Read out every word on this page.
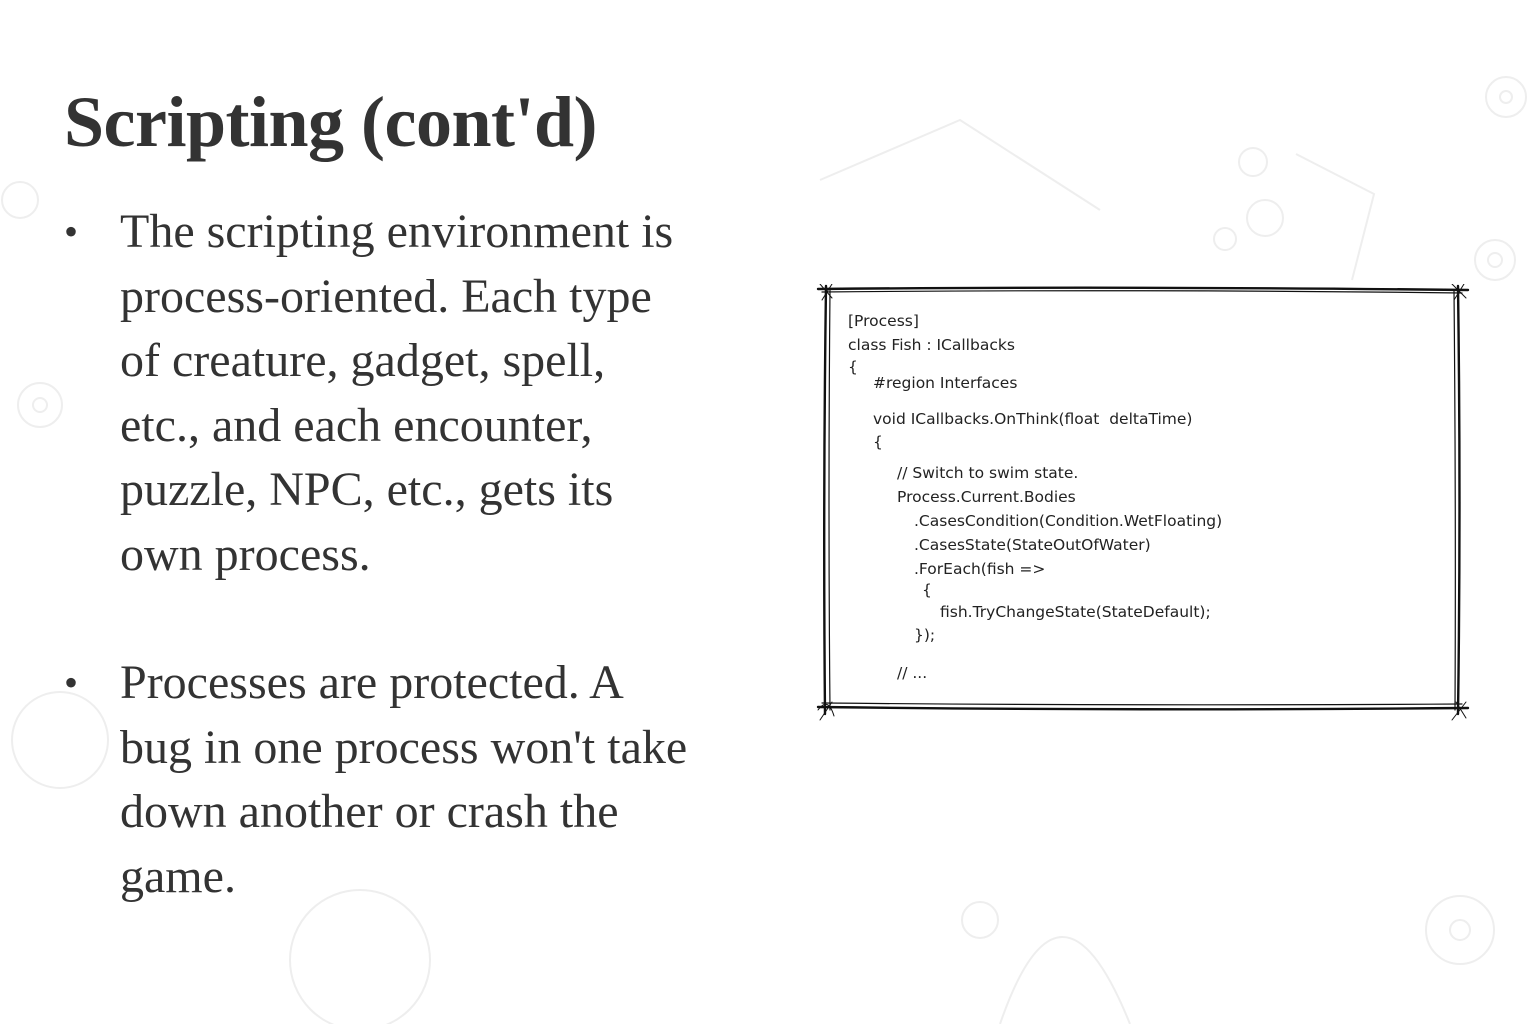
Scripting (cont'd)
• The scripting environment is
process-oriented. Each type
of creature, gadget, spell,
etc., and each encounter,
puzzle, NPC, etc., gets its
own process.
• Processes are protected. A
bug in one process won't take
down another or crash the
game.

[Process]

class Fish : ICallbacks

{

#region Interfaces

void ICallbacks.OnThink(float  deltaTime)

{

// Switch to swim state.

Process.Current.Bodies

.CasesCondition(Condition.WetFloating)

.CasesState(StateOutOfWater)

.ForEach(fish =>

{

fish.TryChangeState(StateDefault);

});

// ...
